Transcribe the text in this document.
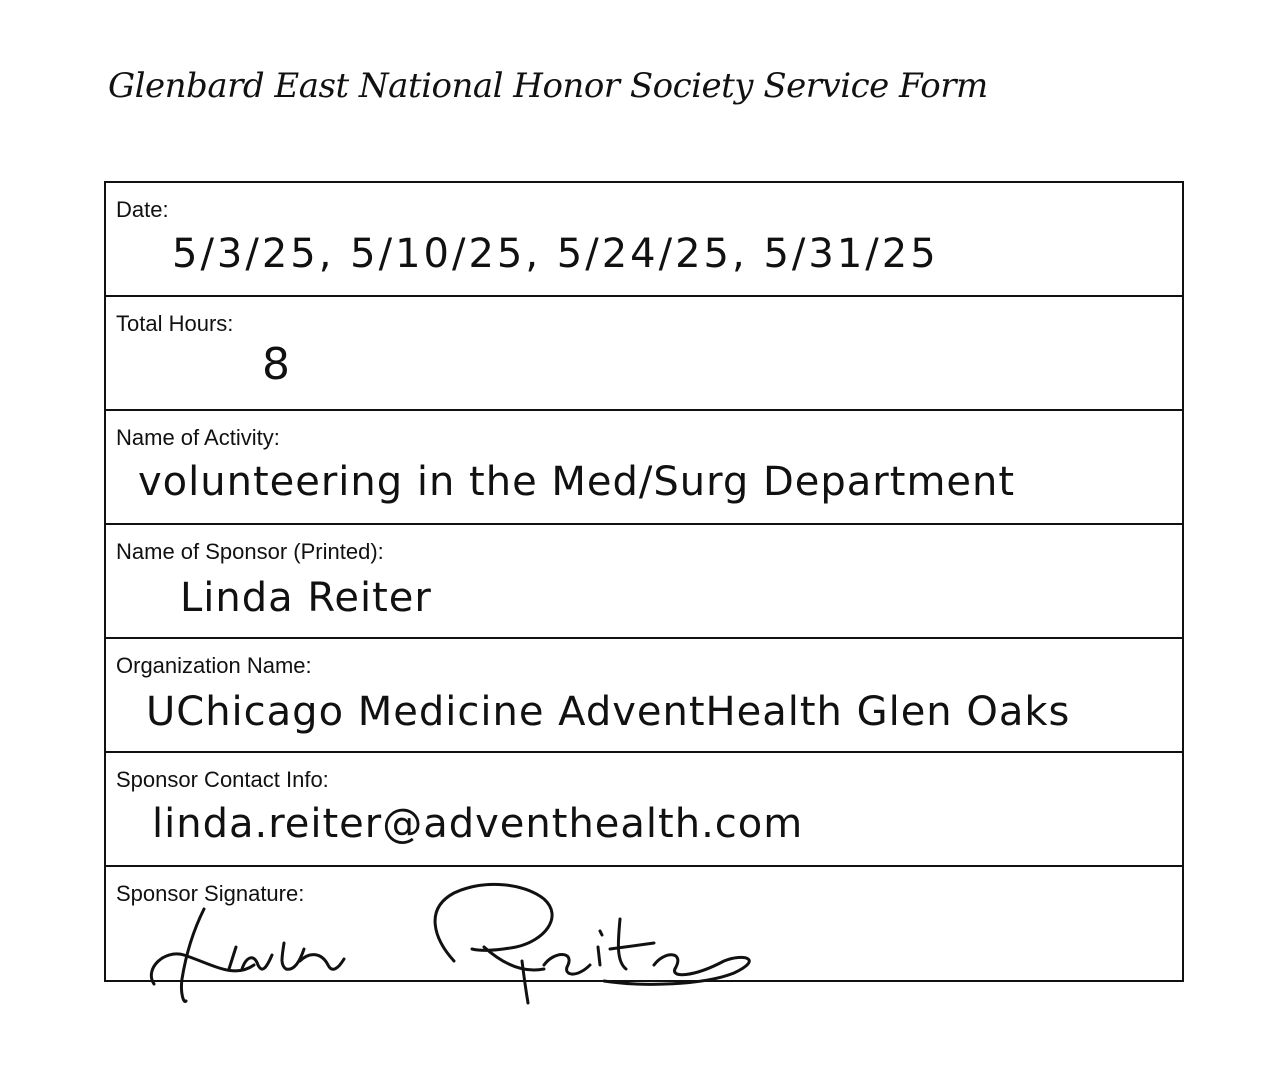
Glenbard East National Honor Society Service Form
Date:
5/3/25, 5/10/25, 5/24/25, 5/31/25
Total Hours:
8
Name of Activity:
volunteering in the Med/Surg Department
Name of Sponsor (Printed):
Linda Reiter
Organization Name:
UChicago Medicine AdventHealth Glen Oaks
Sponsor Contact Info:
linda.reiter@adventhealth.com
Sponsor Signature:
